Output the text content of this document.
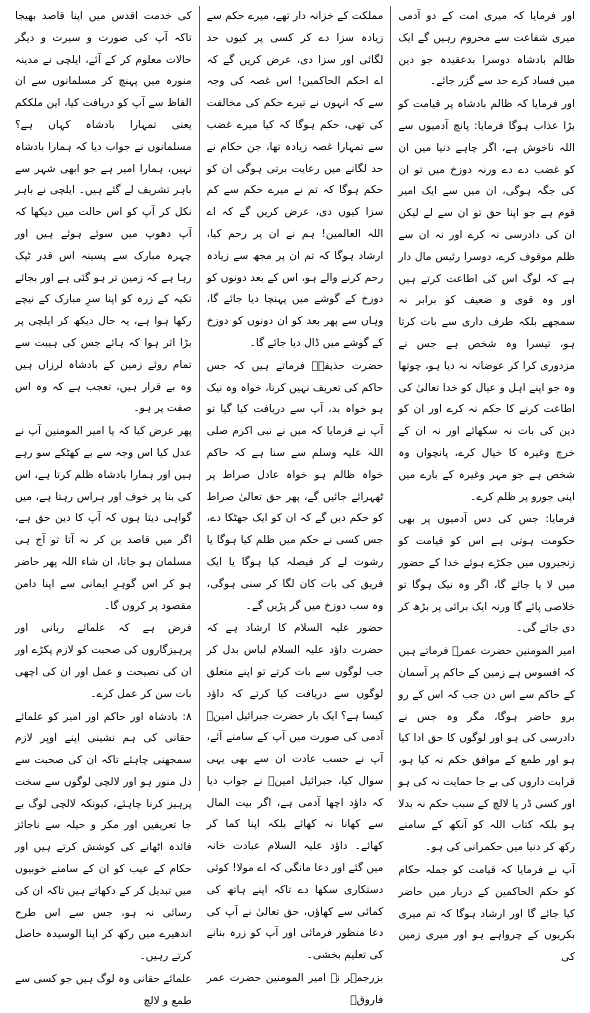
اور فرمایا کہ میری امت کے دو آدمی میری شفاعت سے محروم رہیں گے ایک ظالم بادشاہ دوسرا بدعقیدہ جو دین میں فساد کرے حد سے گزر جائے۔

اور فرمایا کہ ظالم بادشاہ پر قیامت کو بڑا عذاب ہوگا فرمایا: پانچ آدمیوں سے اللہ ناخوش ہے، اگر چاہے دنیا میں ان کو غضب دے دے ورنہ دوزخ میں تو ان کی جگہ ہوگی، ان میں سے ایک امیر قوم ہے جو اپنا حق تو ان سے لے لیکن ان کی دادرسی نہ کرے اور نہ ان سے ظلم موقوف کرے، دوسرا رئیس مال دار ہے کہ لوگ اس کی اطاعت کرتے ہیں اور وہ قوی و ضعیف کو برابر نہ سمجھے بلکہ طرف داری سے بات کرتا ہو، تیسرا وہ شخص ہے جس نے مزدوری کرا کر عوضانہ نہ دیا ہو، چوتھا وہ جو اپنے اہل و عیال کو خدا تعالیٰ کی اطاعت کرنے کا حکم نہ کرے اور ان کو دین کی بات نہ سکھائے اور نہ ان کے خرچ وغیرہ کا خیال کرے، پانچواں وہ شخص ہے جو مہر وغیرہ کے بارے میں اپنی جورو پر ظلم کرے۔

فرمایا: جس کی دس آدمیوں پر بھی حکومت ہوتی ہے اس کو قیامت کو زنجیروں میں جکڑے ہوئے خدا کے حضور میں لا یا جائے گا، اگر وہ نیک ہوگا تو خلاصی پائے گا ورنہ ایک برائی پر بڑھ کر دی جائے گی۔

امیر المومنین حضرت عمرؓ فرماتے ہیں کہ افسوس ہے زمین کے حاکم پر آسمان کے حاکم سے اس دن جب کہ اس کے رو برو حاضر ہوگا، مگر وہ جس نے دادرسی کی ہو اور لوگوں کا حق ادا کیا ہو اور طمع کے موافق حکم نہ کیا ہو، قرابت داروں کی بے جا حمایت نہ کی ہو اور کسی ڈر یا لالچ کے سبب حکم نہ بدلا ہو بلکہ کتاب اللہ کو آنکھ کے سامنے رکھ کر دنیا میں حکمرانی کی ہو۔

آپ نے فرمایا کہ قیامت کو جملہ حکام کو حکم الحاکمین کے دربار میں حاضر کیا جائے گا اور ارشاد ہوگا کہ تم میری بکریوں کے چرواہے ہو اور میری زمین کی

مملکت کے خزانہ دار تھے، میرے حکم سے زیادہ سزا دے کر کسی پر کیوں حد لگائی اور سزا دی، عرض کریں گے کہ اے احکم الحاکمین! اس غصہ کی وجہ سے کہ انہوں نے تیرے حکم کی مخالفت کی تھی، حکم ہوگا کہ کیا میرے غضب سے تمہارا غصہ زیادہ تھا، جن حکام نے حد لگانے میں رعایت برتی ہوگی ان کو حکم ہوگا کہ تم نے میرے حکم سے کم سزا کیوں دی، عرض کریں گے کہ اے اللہ العالمین! ہم نے ان پر رحم کیا، ارشاد ہوگا کہ تم ان پر مجھ سے زیادہ رحم کرنے والے ہو، اس کے بعد دونوں کو دوزخ کے گوشے میں پہنچا دیا جائے گا، وہاں سے پھر بعد کو ان دونوں کو دوزخ کے گوشے میں ڈال دیا جائے گا۔

حضرت حذیفہؓ فرماتے ہیں کہ جس حاکم کی تعریف نہیں کرنا، خواہ وہ نیک ہو خواہ بد، آپ سے دریافت کیا گیا تو آپ نے فرمایا کہ میں نے نبی اکرم صلی اللہ علیہ وسلم سے سنا ہے کہ حاکم خواہ ظالم ہو خواہ عادل صراط پر ٹھہرائے جائیں گے، پھر حق تعالیٰ صراط کو حکم دیں گے کہ ان کو ایک جھٹکا دے، جس کسی نے حکم میں ظلم کیا ہوگا یا رشوت لے کر فیصلہ کیا ہوگا یا ایک فریق کی بات کان لگا کر سنی ہوگی، وہ سب دوزخ میں گر پڑیں گے۔

حضور علیہ السلام کا ارشاد ہے کہ حضرت داؤد علیہ السلام لباس بدل کر جب لوگوں سے بات کرتے تو اپنے متعلق لوگوں سے دریافت کیا کرتے کہ داؤد کیسا ہے؟ ایک بار حضرت جبرائیل امینؑ آدمی کی صورت میں آپ کے سامنے آئے، آپ نے حسب عادت ان سے بھی یہی سوال کیا، جبرائیل امینؑ نے جواب دیا کہ داؤد اچھا آدمی ہے، اگر بیت المال سے کھانا نہ کھائے بلکہ اپنا کما کر کھائے۔ داؤد علیہ السلام عبادت خانہ میں گئے اور دعا مانگی کہ اے مولا! کوئی دستکاری سکھا دے تاکہ اپنے ہاتھ کی کمائی سے کھاؤں، حق تعالیٰ نے آپ کی دعا منظور فرمائی اور آپ کو زرہ بنانے کی تعلیم بخشی۔

بزرجمہر نے امیر المومنین حضرت عمر فاروقؓ

کی خدمت اقدس میں اپنا قاصد بھیجا تاکہ آپ کی صورت و سیرت و دیگر حالات معلوم کر کے آئے، ایلچی نے مدینہ منورہ میں پہنچ کر مسلمانوں سے ان الفاظ سے آپ کو دریافت کیا، این ملککم یعنی تمہارا بادشاہ کہاں ہے؟ مسلمانوں نے جواب دیا کہ ہمارا بادشاہ نہیں، ہمارا امیر ہے جو ابھی شہر سے باہر تشریف لے گئے ہیں۔ ایلچی نے باہر نکل کر آپ کو اس حالت میں دیکھا کہ آپ دھوپ میں سوئے ہوئے ہیں اور چہرہ مبارک سے پسینہ اس قدر ٹپک رہا ہے کہ زمین تر ہو گئی ہے اور بجائے تکیہ کے زرہ کو اپنا سرِ مبارک کے نیچے رکھا ہوا ہے، یہ حال دیکھ کر ایلچی پر بڑا اثر ہوا کہ ہائے جس کی ہیبت سے تمام روئے زمین کے بادشاہ لرزاں ہیں وہ بے قرار ہیں، تعجب ہے کہ وہ اس صفت پر ہو۔

پھر عرض کیا کہ یا امیر المومنین آپ نے عدل کیا اس وجہ سے بے کھٹکے سو رہے ہیں اور ہمارا بادشاہ ظلم کرتا ہے، اس کی بنا پر خوف اور ہراس رہتا ہے، میں گواہی دیتا ہوں کہ آپ کا دین حق ہے، اگر میں قاصد بن کر نہ آتا تو آج ہی مسلمان ہو جاتا، ان شاء اللہ پھر حاضر ہو کر اس گوہرِ ایمانی سے اپنا دامن مقصود پر کروں گا۔

فرض ہے کہ علمائے ربانی اور پرہیزگاروں کی صحبت کو لازم پکڑے اور ان کی نصیحت و عمل اور ان کی اچھی بات سن کر عمل کرے۔

۸: بادشاہ اور حاکم اور امیر کو علمائے حقانی کی ہم نشینی اپنے اوپر لازم سمجھنی چاہئے تاکہ ان کی صحبت سے دل منور ہو اور لالچی لوگوں سے سخت پرہیز کرنا چاہئے، کیونکہ لالچی لوگ بے جا تعریفیں اور مکر و حیلہ سے ناجائز فائدہ اٹھانے کی کوشش کرتے ہیں اور حکام کے عیب کو ان کے سامنے خوبیوں میں تبدیل کر کے دکھاتے ہیں تاکہ ان کی رسائی نہ ہو، جس سے اس طرح اندھیرے میں رکھ کر اپنا الوسیدہ حاصل کرتے رہیں۔

علمائے حقانی وہ لوگ ہیں جو کسی سے طمع و لالچ
